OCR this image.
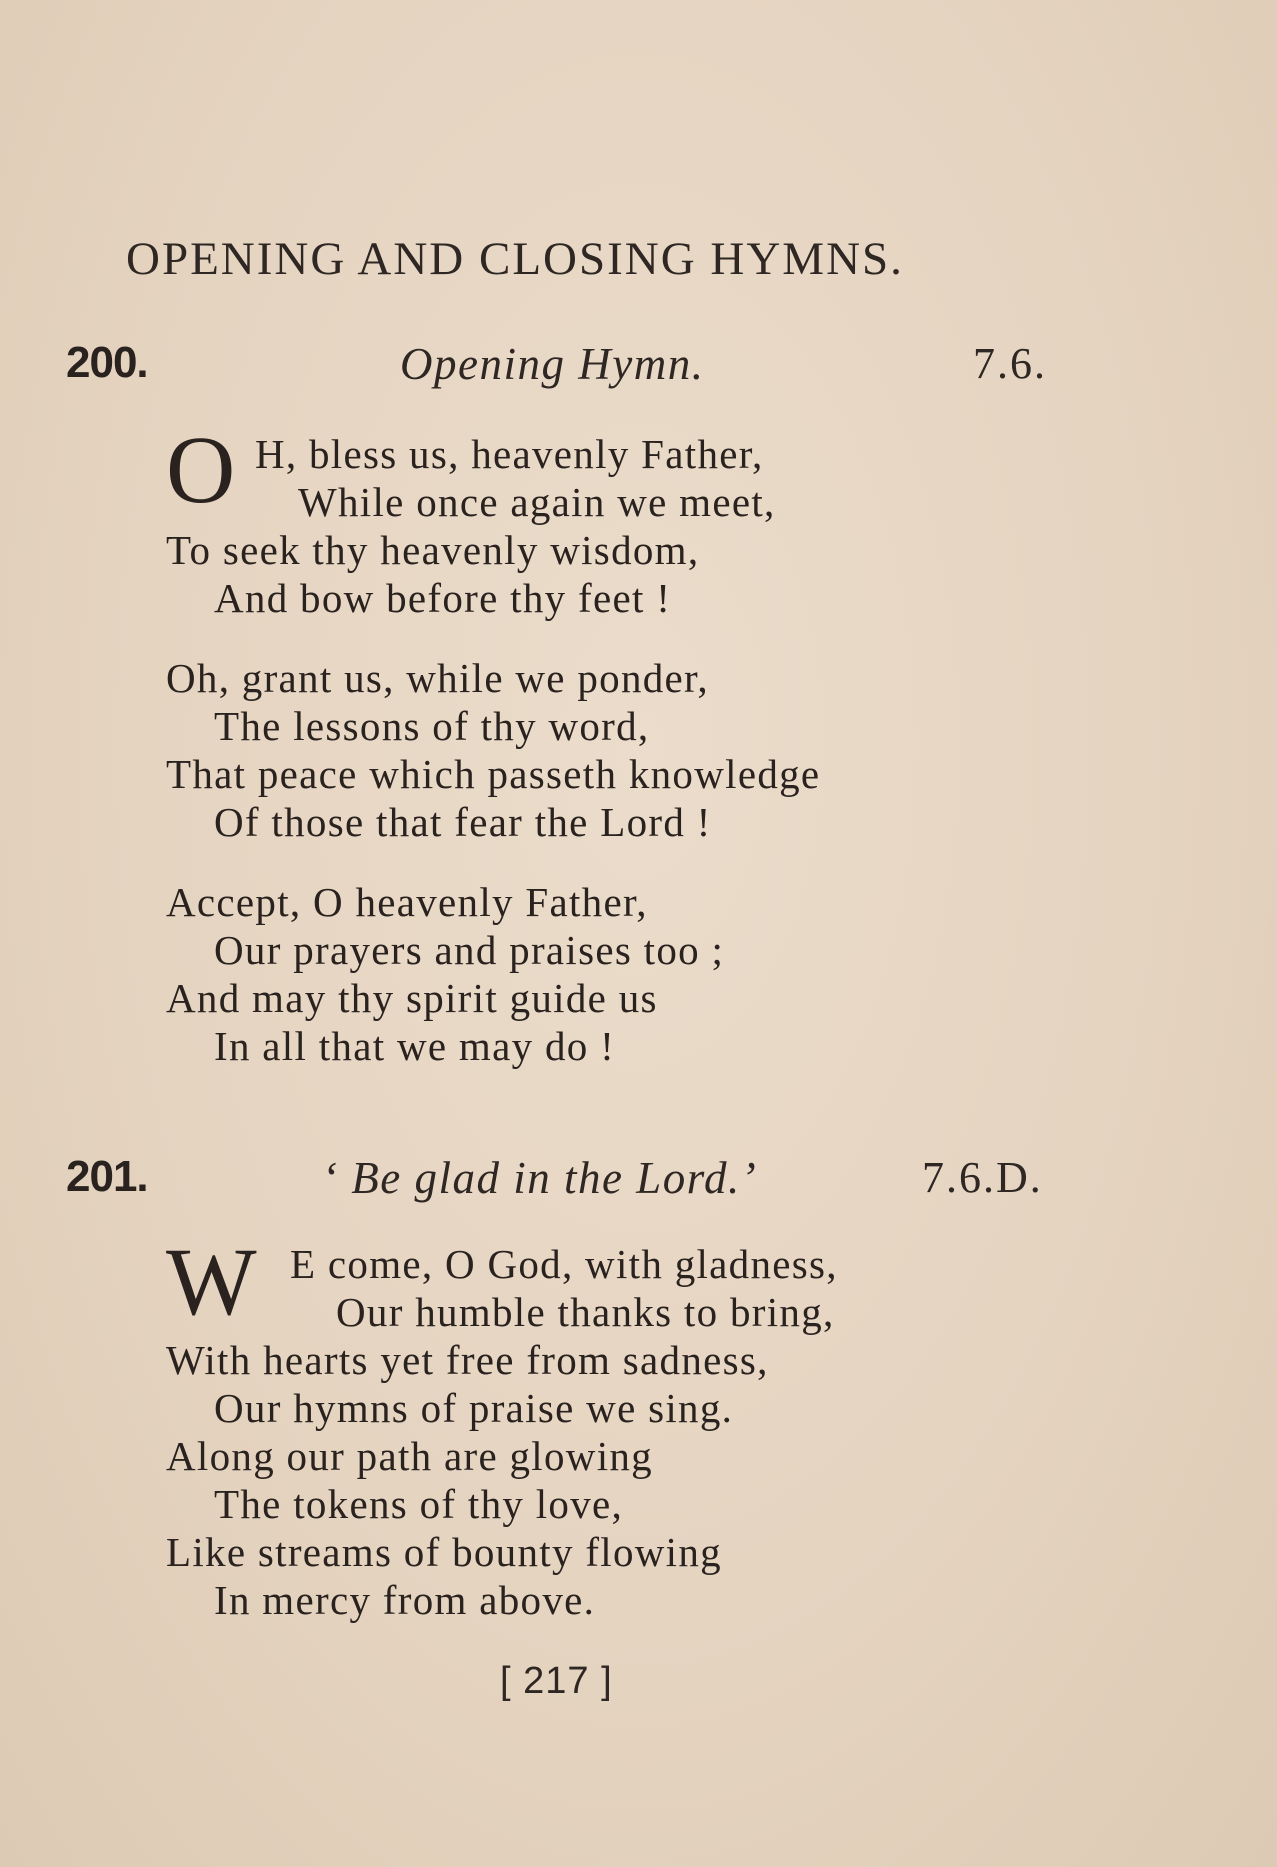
OPENING AND CLOSING HYMNS.
200.	Opening Hymn.	7.6.
O H, bless us, heavenly Father,
While once again we meet,
To seek thy heavenly wisdom,
And bow before thy feet !
Oh, grant us, while we ponder,
The lessons of thy word,
That peace which passeth knowledge
Of those that fear the Lord !
Accept, O heavenly Father,
Our prayers and praises too ;
And may thy spirit guide us
In all that we may do !
201.	‘ Be glad in the Lord.’	7.6.D.
W E come, O God, with gladness,
Our humble thanks to bring,
With hearts yet free from sadness,
Our hymns of praise we sing.
Along our path are glowing
The tokens of thy love,
Like streams of bounty flowing
In mercy from above.
[ 217 ]
